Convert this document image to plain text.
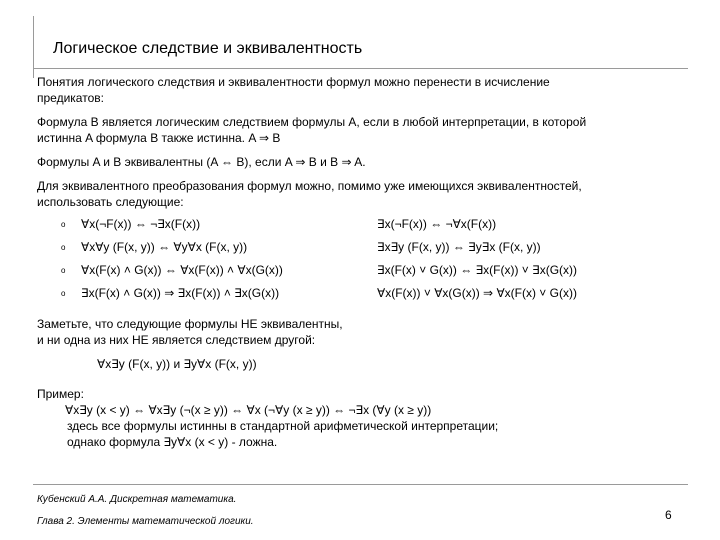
Логическое следствие и эквивалентность

Понятия логического следствия и эквивалентности формул можно перенести в исчисление

предикатов:

Формула B является логическим следствием формулы A, если в любой интерпретации, в которой

истинна A формула B также истинна. A ⇒ B

Формулы A и B эквивалентны (A ⇔ B), если A ⇒ B и B ⇒ A.

Для эквивалентного преобразования формул можно, помимо уже имеющихся эквивалентностей,

использовать следующие:

o ∀x(¬F(x)) ⇔ ¬∃x(F(x))	∃x(¬F(x)) ⇔ ¬∀x(F(x))
o ∀x∀y (F(x, y)) ⇔ ∀y∀x (F(x, y))	∃x∃y (F(x, y)) ⇔ ∃y∃x (F(x, y))
o ∀x(F(x) ˄ G(x)) ⇔ ∀x(F(x)) ˄ ∀x(G(x))	∃x(F(x) ˅ G(x)) ⇔ ∃x(F(x)) ˅ ∃x(G(x))
o ∃x(F(x) ˄ G(x)) ⇒ ∃x(F(x)) ˄ ∃x(G(x))	∀x(F(x)) ˅ ∀x(G(x)) ⇒ ∀x(F(x) ˅ G(x))

Заметьте, что следующие формулы НЕ эквивалентны,

и ни одна из них НЕ является следствием другой:

∀x∃y (F(x, y)) и ∃y∀x (F(x, y))

Пример:

∀x∃y (x < y) ⇔ ∀x∃y (¬(x ≥ y)) ⇔ ∀x (¬∀y (x ≥ y)) ⇔ ¬∃x (∀y (x ≥ y))

здесь все формулы истинны в стандартной арифметической интерпретации;

однако формула ∃y∀x (x < y) - ложна.

Кубенский А.А. Дискретная математика.
Глава 2. Элементы математической логики.	6
